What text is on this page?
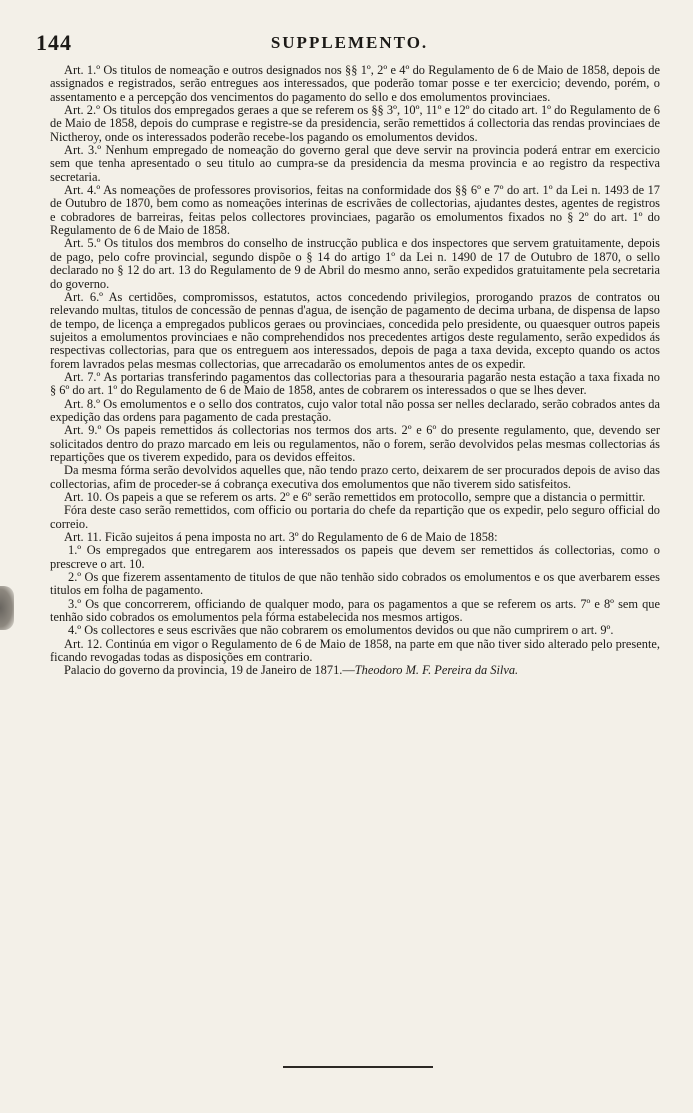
144	SUPPLEMENTO.

Art. 1.º Os titulos de nomeação e outros designados nos §§ 1º, 2º e 4º do Regulamento de 6 de Maio de 1858, depois de assignados e registrados, serão entregues aos interessados, que poderão tomar posse e ter exercicio; devendo, porém, o assentamento e a percepção dos vencimentos do pagamento do sello e dos emolumentos provinciaes.

Art. 2.º Os titulos dos empregados geraes a que se referem os §§ 3º, 10º, 11º e 12º do citado art. 1º do Regulamento de 6 de Maio de 1858, depois do cumprase e registre-se da presidencia, serão remettidos á collectoria das rendas provinciaes de Nictheroy, onde os interessados poderão recebe-los pagando os emolumentos devidos.

Art. 3.º Nenhum empregado de nomeação do governo geral que deve servir na provincia poderá entrar em exercicio sem que tenha apresentado o seu titulo ao cumpra-se da presidencia da mesma provincia e ao registro da respectiva secretaria.

Art. 4.º As nomeações de professores provisorios, feitas na conformidade dos §§ 6º e 7º do art. 1º da Lei n. 1493 de 17 de Outubro de 1870, bem como as nomeações interinas de escrivães de collectorias, ajudantes destes, agentes de registros e cobradores de barreiras, feitas pelos collectores provinciaes, pagarão os emolumentos fixados no § 2º do art. 1º do Regulamento de 6 de Maio de 1858.

Art. 5.º Os titulos dos membros do conselho de instrucção publica e dos inspectores que servem gratuitamente, depois de pago, pelo cofre provincial, segundo dispõe o § 14 do artigo 1º da Lei n. 1490 de 17 de Outubro de 1870, o sello declarado no § 12 do art. 13 do Regulamento de 9 de Abril do mesmo anno, serão expedidos gratuitamente pela secretaria do governo.

Art. 6.º As certidões, compromissos, estatutos, actos concedendo privilegios, prorogando prazos de contratos ou relevando multas, titulos de concessão de pennas d'agua, de isenção de pagamento de decima urbana, de dispensa de lapso de tempo, de licença a empregados publicos geraes ou provinciaes, concedida pelo presidente, ou quaesquer outros papeis sujeitos a emolumentos provinciaes e não comprehendidos nos precedentes artigos deste regulamento, serão expedidos ás respectivas collectorias, para que os entreguem aos interessados, depois de paga a taxa devida, excepto quando os actos forem lavrados pelas mesmas collectorias, que arrecadarão os emolumentos antes de os expedir.

Art. 7.º As portarias transferindo pagamentos das collectorias para a thesouraria pagarão nesta estação a taxa fixada no § 6º do art. 1º do Regulamento de 6 de Maio de 1858, antes de cobrarem os interessados o que se lhes dever.

Art. 8.º Os emolumentos e o sello dos contratos, cujo valor total não possa ser nelles declarado, serão cobrados antes da expedição das ordens para pagamento de cada prestação.

Art. 9.º Os papeis remettidos ás collectorias nos termos dos arts. 2º e 6º do presente regulamento, que, devendo ser solicitados dentro do prazo marcado em leis ou regulamentos, não o forem, serão devolvidos pelas mesmas collectorias ás repartições que os tiverem expedido, para os devidos effeitos.

Da mesma fórma serão devolvidos aquelles que, não tendo prazo certo, deixarem de ser procurados depois de aviso das collectorias, afim de proceder-se á cobrança executiva dos emolumentos que não tiverem sido satisfeitos.

Art. 10. Os papeis a que se referem os arts. 2º e 6º serão remettidos em protocollo, sempre que a distancia o permittir.

Fóra deste caso serão remettidos, com officio ou portaria do chefe da repartição que os expedir, pelo seguro official do correio.

Art. 11. Ficão sujeitos á pena imposta no art. 3º do Regulamento de 6 de Maio de 1858:

1.º Os empregados que entregarem aos interessados os papeis que devem ser remettidos ás collectorias, como o prescreve o art. 10.

2.º Os que fizerem assentamento de titulos de que não tenhão sido cobrados os emolumentos e os que averbarem esses titulos em folha de pagamento.

3.º Os que concorrerem, officiando de qualquer modo, para os pagamentos a que se referem os arts. 7º e 8º sem que tenhão sido cobrados os emolumentos pela fórma estabelecida nos mesmos artigos.

4.º Os collectores e seus escrivães que não cobrarem os emolumentos devidos ou que não cumprirem o art. 9º.

Art. 12. Continúa em vigor o Regulamento de 6 de Maio de 1858, na parte em que não tiver sido alterado pelo presente, ficando revogadas todas as disposições em contrario.

Palacio do governo da provincia, 19 de Janeiro de 1871.—Theodoro M. F. Pereira da Silva.
